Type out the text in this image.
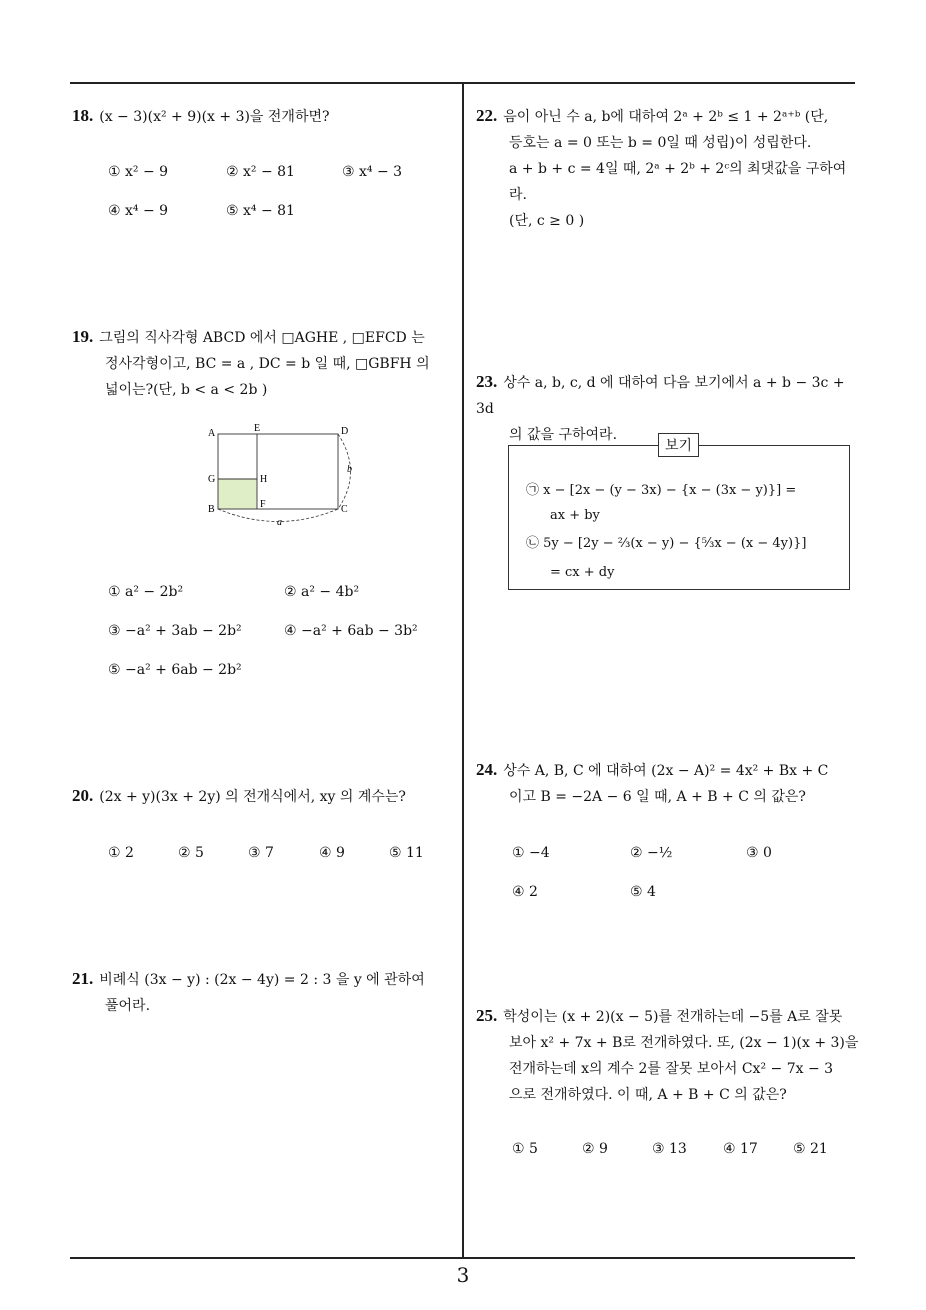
18. (x − 3)(x² + 9)(x + 3)을 전개하면?
① x² − 9	② x² − 81	③ x⁴ − 3
④ x⁴ − 9	⑤ x⁴ − 81
19. 그림의 직사각형 ABCD 에서 □AGHE , □EFCD 는
정사각형이고, BC = a , DC = b 일 때, □GBFH 의
넓이는?(단, b < a < 2b )
A	E	D
G	H
B	F	C
a
b
① a² − 2b²	② a² − 4b²
③ −a² + 3ab − 2b²	④ −a² + 6ab − 3b²
⑤ −a² + 6ab − 2b²
20. (2x + y)(3x + 2y) 의 전개식에서, xy 의 계수는?
① 2	② 5	③ 7	④ 9	⑤ 11
21. 비례식 (3x − y) : (2x − 4y) = 2 : 3 을 y 에 관하여
풀어라.
22. 음이 아닌 수 a, b에 대하여 2ᵃ + 2ᵇ ≤ 1 + 2ᵃ⁺ᵇ (단,
등호는 a = 0 또는 b = 0일 때 성립)이 성립한다.
a + b + c = 4일 때, 2ᵃ + 2ᵇ + 2ᶜ의 최댓값을 구하여라.
(단, c ≥ 0 )
23. 상수 a, b, c, d 에 대하여 다음 보기에서 a + b − 3c + 3d
의 값을 구하여라.
보기
㉠ x − [2x − (y − 3x) − {x − (3x − y)}] =
ax + by
㉡ 5y − [2y − ⅔(x − y) − {⁵⁄₃x − (x − 4y)}]
= cx + dy
24. 상수 A, B, C 에 대하여 (2x − A)² = 4x² + Bx + C
이고 B = −2A − 6 일 때, A + B + C 의 값은?
① −4	② −½	③ 0
④ 2	⑤ 4
25. 학성이는 (x + 2)(x − 5)를 전개하는데 −5를 A로 잘못
보아 x² + 7x + B로 전개하였다. 또, (2x − 1)(x + 3)을
전개하는데 x의 계수 2를 잘못 보아서 Cx² − 7x − 3
으로 전개하였다. 이 때, A + B + C 의 값은?
① 5	② 9	③ 13	④ 17	⑤ 21
3
